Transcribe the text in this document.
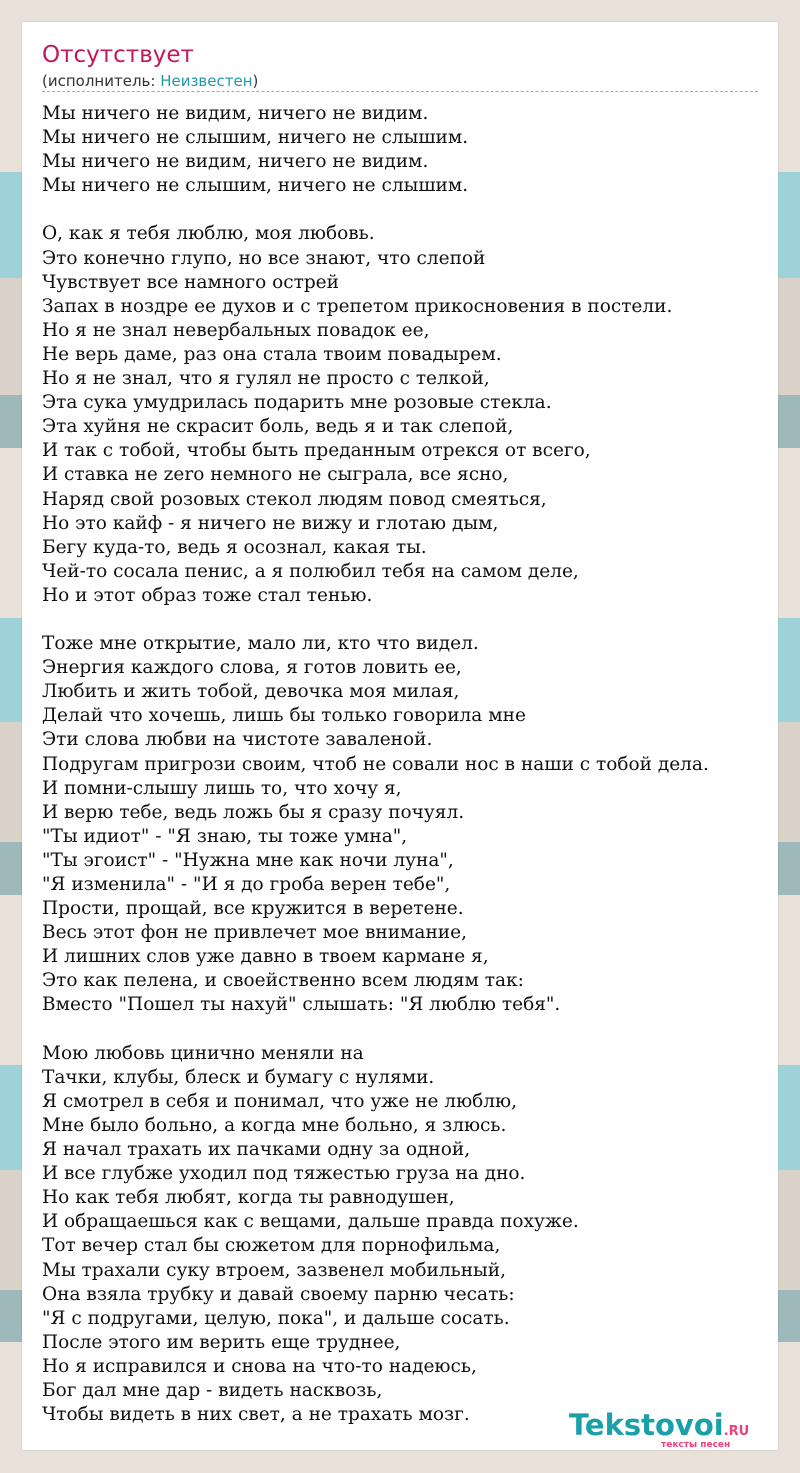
Отсутствует
(исполнитель: Неизвестен)
Мы ничего не видим, ничего не видим.
Мы ничего не слышим, ничего не слышим.
Мы ничего не видим, ничего не видим.
Мы ничего не слышим, ничего не слышим.
О, как я тебя люблю, моя любовь.
Это конечно глупо, но все знают, что слепой
Чувствует все намного острей
Запах в ноздре ее духов и с трепетом прикосновения в постели.
Но я не знал невербальных повадок ее,
Не верь даме, раз она стала твоим повадырем.
Но я не знал, что я гулял не просто с телкой,
Эта сука умудрилась подарить мне розовые стекла.
Эта хуйня не скрасит боль, ведь я и так слепой,
И так с тобой, чтобы быть преданным отрекся от всего,
И ставка не zero немного не сыграла, все ясно,
Наряд свой розовых стекол людям повод смеяться,
Но это кайф - я ничего не вижу и глотаю дым,
Бегу куда-то, ведь я осознал, какая ты.
Чей-то сосала пенис, а я полюбил тебя на самом деле,
Но и этот образ тоже стал тенью.
Тоже мне открытие, мало ли, кто что видел.
Энергия каждого слова, я готов ловить ее,
Любить и жить тобой, девочка моя милая,
Делай что хочешь, лишь бы только говорила мне
Эти слова любви на чистоте заваленой.
Подругам пригрози своим, чтоб не совали нос в наши с тобой дела.
И помни-слышу лишь то, что хочу я,
И верю тебе, ведь ложь бы я сразу почуял.
"Ты идиот" - "Я знаю, ты тоже умна",
"Ты эгоист" - "Нужна мне как ночи луна",
"Я изменила" - "И я до гроба верен тебе",
Прости, прощай, все кружится в веретене.
Весь этот фон не привлечет мое внимание,
И лишних слов уже давно в твоем кармане я,
Это как пелена, и своейственно всем людям так:
Вместо "Пошел ты нахуй" слышать: "Я люблю тебя".
Мою любовь цинично меняли на
Тачки, клубы, блеск и бумагу с нулями.
Я смотрел в себя и понимал, что уже не люблю,
Мне было больно, а когда мне больно, я злюсь.
Я начал трахать их пачками одну за одной,
И все глубже уходил под тяжестью груза на дно.
Но как тебя любят, когда ты равнодушен,
И обращаешься как с вещами, дальше правда похуже.
Тот вечер стал бы сюжетом для порнофильма,
Мы трахали суку втроем, зазвенел мобильный,
Она взяла трубку и давай своему парню чесать:
"Я с подругами, целую, пока", и дальше сосать.
После этого им верить еще труднее,
Но я исправился и снова на что-то надеюсь,
Бог дал мне дар - видеть насквозь,
Чтобы видеть в них свет, а не трахать мозг.	Tekstovoi.RU
тексты песен
